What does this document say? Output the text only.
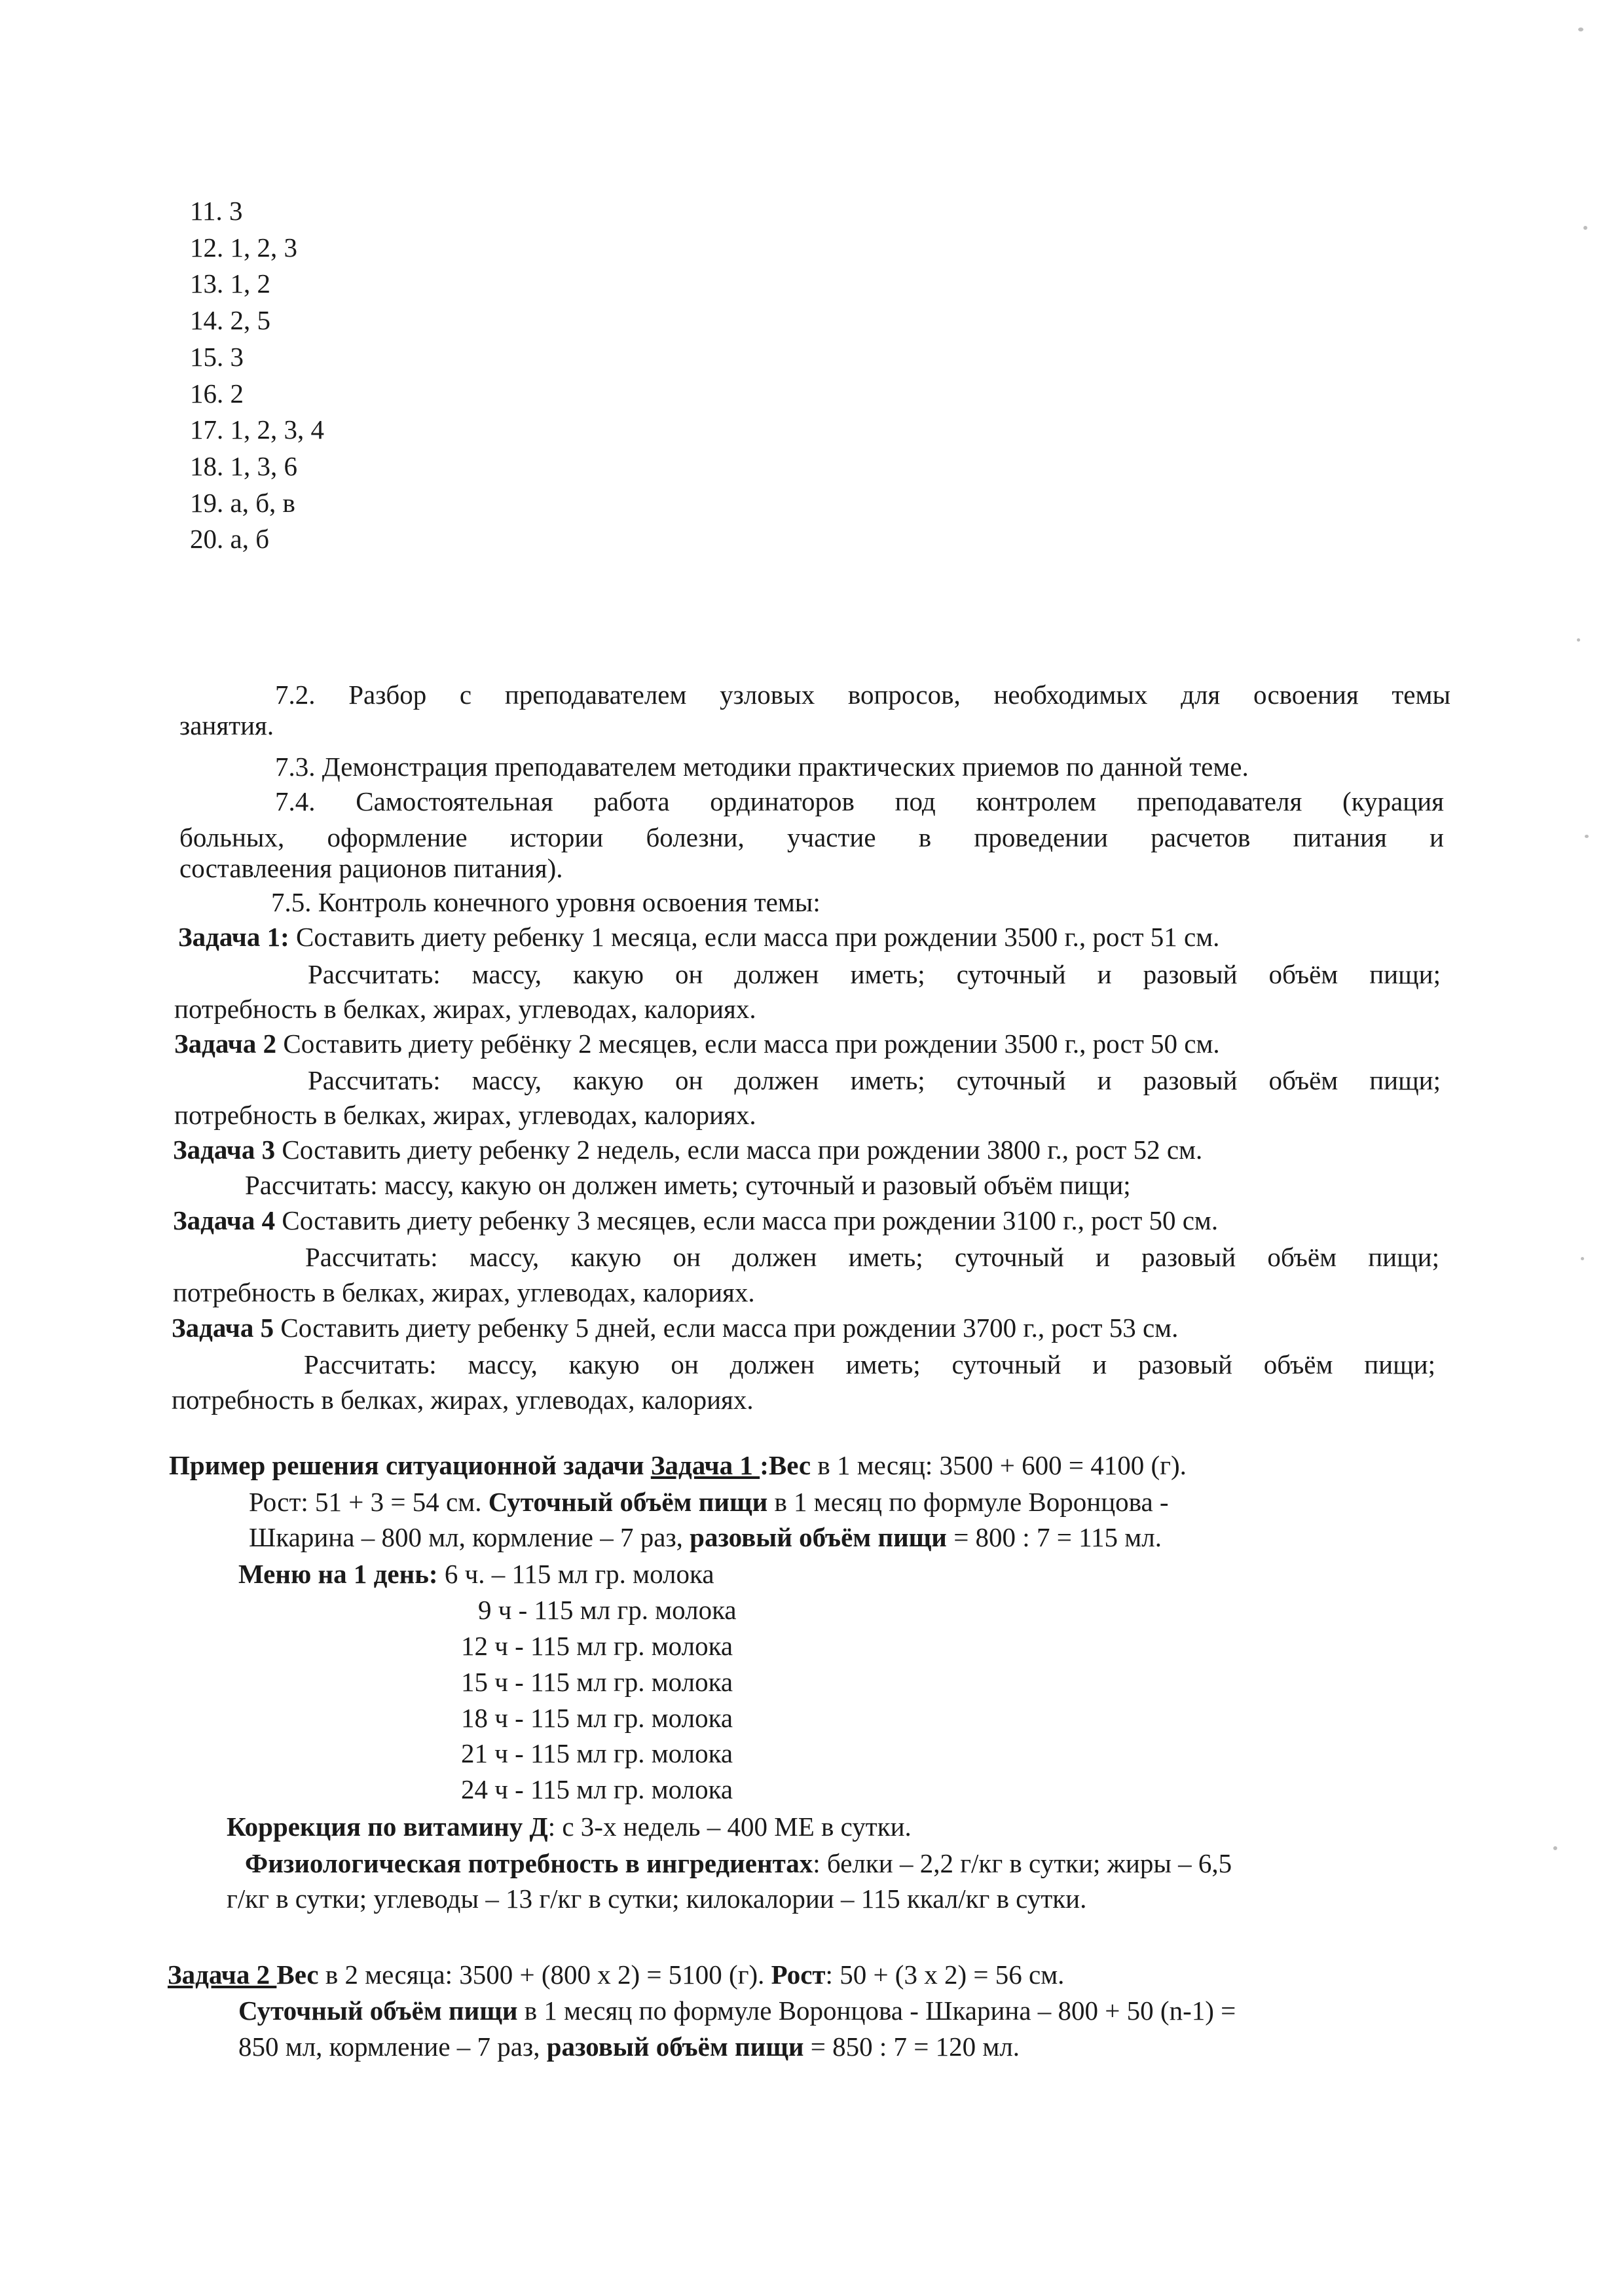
11. 3
12. 1, 2, 3
13. 1, 2
14. 2, 5
15. 3
16. 2
17. 1, 2, 3, 4
18. 1, 3, 6
19. а, б, в
20. а, б
7.2. Разбор с преподавателем узловых вопросов, необходимых для освоения темы
занятия.
7.3. Демонстрация преподавателем методики практических приемов по данной теме.
7.4. Самостоятельная работа ординаторов под контролем преподавателя (курация
больных, оформление истории болезни, участие в проведении расчетов питания и
составлеения рационов питания).
7.5. Контроль конечного уровня освоения темы:
Задача 1: Составить диету ребенку 1 месяца, если масса при рождении 3500 г., рост 51 см.
Рассчитать: массу, какую он должен иметь; суточный и разовый объём пищи;
потребность в белках, жирах, углеводах, калориях.
Задача 2 Составить диету ребёнку 2 месяцев, если масса при рождении 3500 г., рост 50 см.
Рассчитать: массу, какую он должен иметь; суточный и разовый объём пищи;
потребность в белках, жирах, углеводах, калориях.
Задача 3 Составить диету ребенку 2 недель, если масса при рождении 3800 г., рост 52 см.
Рассчитать: массу, какую он должен иметь; суточный и разовый объём пищи;
Задача 4 Составить диету ребенку 3 месяцев, если масса при рождении 3100 г., рост 50 см.
Рассчитать: массу, какую он должен иметь; суточный и разовый объём пищи;
потребность в белках, жирах, углеводах, калориях.
Задача 5 Составить диету ребенку 5 дней, если масса при рождении 3700 г., рост 53 см.
Рассчитать: массу, какую он должен иметь; суточный и разовый объём пищи;
потребность в белках, жирах, углеводах, калориях.
Пример решения ситуационной задачи Задача 1 :Вес в 1 месяц: 3500 + 600 = 4100 (г).
Рост: 51 + 3 = 54 см. Суточный объём пищи в 1 месяц по формуле Воронцова -
Шкарина – 800 мл, кормление – 7 раз, разовый объём пищи = 800 : 7 = 115 мл.
Меню на 1 день: 6 ч. – 115 мл гр. молока
9 ч - 115 мл гр. молока
12 ч - 115 мл гр. молока
15 ч - 115 мл гр. молока
18 ч - 115 мл гр. молока
21 ч - 115 мл гр. молока
24 ч - 115 мл гр. молока
Коррекция по витамину Д: с 3-х недель – 400 МЕ в сутки.
Физиологическая потребность в ингредиентах: белки – 2,2 г/кг в сутки; жиры – 6,5
г/кг в сутки; углеводы – 13 г/кг в сутки; килокалории – 115 ккал/кг в сутки.
Задача 2 Вес в 2 месяца: 3500 + (800 х 2) = 5100 (г). Рост: 50 + (3 х 2) = 56 см.
Суточный объём пищи в 1 месяц по формуле Воронцова - Шкарина – 800 + 50 (n-1) =
850 мл, кормление – 7 раз, разовый объём пищи = 850 : 7 = 120 мл.
